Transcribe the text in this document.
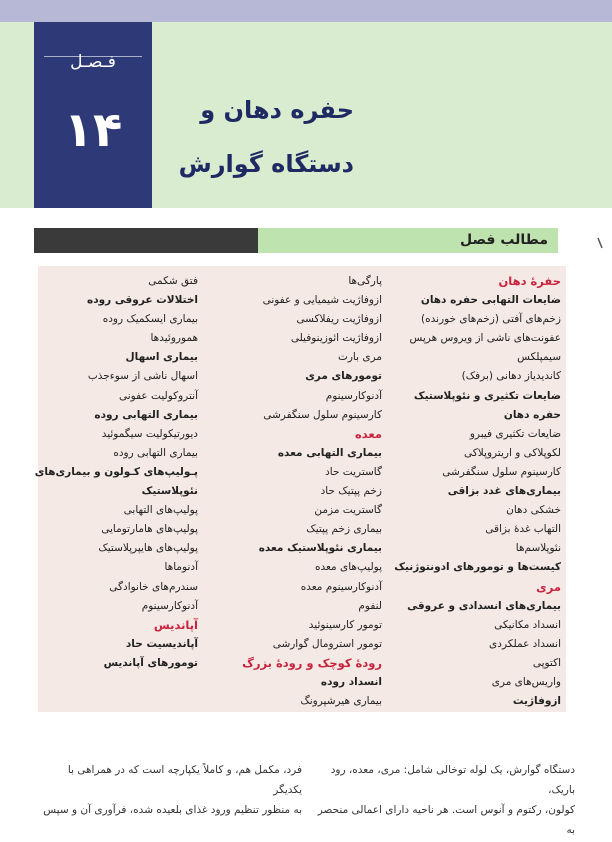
فـصـل
۱۴	حفره دهان و
دستگاه گوارش
مطالب فصل
حفرهٔ دهان
ضایعات التهابی حفره دهان
زخم‌های آفتی (زخم‌های خورنده)
عفونت‌های ناشی از ویروس هرپس
سیمپلکس
کاندیدیاز دهانی (برفک)
ضایعات تکثیری و نئوپلاستیک
حفره دهان
ضایعات تکثیری فیبرو
لکوپلاکی و اریتروپلاکی
کارسینوم سلول سنگفرشی
بیماری‌های غدد بزاقی
خشکی دهان
التهاب غدهٔ بزاقی
نئوپلاسم‌ها
کیست‌ها و تومورهای ادونتوژنیک
مری
بیماری‌های انسدادی و عروقی
انسداد مکانیکی
انسداد عملکردی
اکتوپی
واریس‌های مری
ازوفاژیت
پارگی‌ها
ازوفاژیت شیمیایی و عفونی
ازوفاژیت ریفلاکسی
ازوفاژیت ائوزینوفیلی
مری بارت
تومورهای مری
آدنوکارسینوم
کارسینوم سلول سنگفرشی
معده
بیماری التهابی معده
گاستریت حاد
زخم پپتیک حاد
گاستریت مزمن
بیماری زخم پپتیک
بیماری نئوپلاستیک معده
پولیپ‌های معده
آدنوکارسینوم معده
لنفوم
تومور کارسینوئید
تومور استرومال گوارشی
رودهٔ کوچک و رودهٔ بزرگ
انسداد روده
بیماری هیرشپرونگ
فتق شکمی
اختلالات عروقی روده
بیماری ایسکمیک روده
همورو‌ئیدها
بیماری اسهال
اسهال ناشی از سوءجذب
آنتروکولیت عفونی
بیماری التهابی روده
دیورتیکولیت سیگموئید
بیماری التهابی روده
پـولیپ‌های کـولون و بیماری‌های
نئوپلاستیک
پولیپ‌های التهابی
پولیپ‌های هامارتومایی
پولیپ‌های هایپرپلاستیک
آدنوماها
سندرم‌های خانوادگی
آدنوکارسینوم
آپاندیس
آپاندیسیت حاد
تومورهای آپاندیس
دستگاه گوارش، یک لوله توخالی شامل: مری، معده، رود باریک،
کولون، رکتوم و آنوس است. هر ناحیه دارای اعمالی منحصر به
فرد، مکمل هم، و کاملاً یکپارچه است که در همراهی با یکدیگر
به منظور تنظیم ورود غذای بلعیده شده، فرآوری آن و سپس
